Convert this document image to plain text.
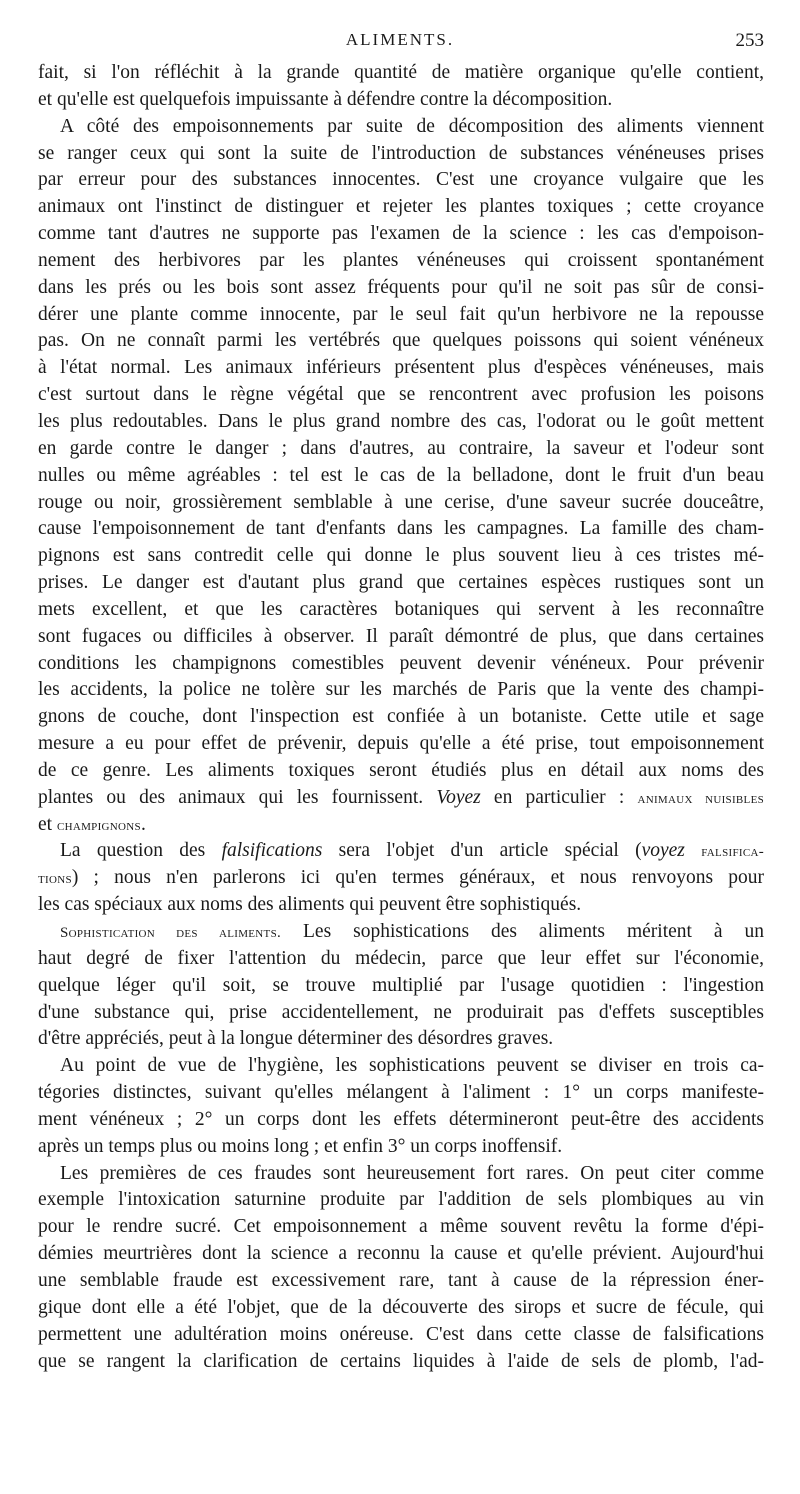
ALIMENTS.	253
fait, si l'on réfléchit à la grande quantité de matière organique qu'elle contient,
et qu'elle est quelquefois impuissante à défendre contre la décomposition.
A côté des empoisonnements par suite de décomposition des aliments viennent
se ranger ceux qui sont la suite de l'introduction de substances vénéneuses prises
par erreur pour des substances innocentes. C'est une croyance vulgaire que les
animaux ont l'instinct de distinguer et rejeter les plantes toxiques ; cette croyance
comme tant d'autres ne supporte pas l'examen de la science : les cas d'empoison-
nement des herbivores par les plantes vénéneuses qui croissent spontanément
dans les prés ou les bois sont assez fréquents pour qu'il ne soit pas sûr de consi-
dérer une plante comme innocente, par le seul fait qu'un herbivore ne la repousse
pas. On ne connaît parmi les vertébrés que quelques poissons qui soient vénéneux
à l'état normal. Les animaux inférieurs présentent plus d'espèces vénéneuses, mais
c'est surtout dans le règne végétal que se rencontrent avec profusion les poisons
les plus redoutables. Dans le plus grand nombre des cas, l'odorat ou le goût mettent
en garde contre le danger ; dans d'autres, au contraire, la saveur et l'odeur sont
nulles ou même agréables : tel est le cas de la belladone, dont le fruit d'un beau
rouge ou noir, grossièrement semblable à une cerise, d'une saveur sucrée douceâtre,
cause l'empoisonnement de tant d'enfants dans les campagnes. La famille des cham-
pignons est sans contredit celle qui donne le plus souvent lieu à ces tristes mé-
prises. Le danger est d'autant plus grand que certaines espèces rustiques sont un
mets excellent, et que les caractères botaniques qui servent à les reconnaître
sont fugaces ou difficiles à observer. Il paraît démontré de plus, que dans certaines
conditions les champignons comestibles peuvent devenir vénéneux. Pour prévenir
les accidents, la police ne tolère sur les marchés de Paris que la vente des champi-
gnons de couche, dont l'inspection est confiée à un botaniste. Cette utile et sage
mesure a eu pour effet de prévenir, depuis qu'elle a été prise, tout empoisonnement
de ce genre. Les aliments toxiques seront étudiés plus en détail aux noms des
plantes ou des animaux qui les fournissent. Voyez en particulier : animaux nuisibles
et champignons.
La question des falsifications sera l'objet d'un article spécial (voyez falsifica-
tions) ; nous n'en parlerons ici qu'en termes généraux, et nous renvoyons pour
les cas spéciaux aux noms des aliments qui peuvent être sophistiqués.
Sophistication des aliments. Les sophistications des aliments méritent à un
haut degré de fixer l'attention du médecin, parce que leur effet sur l'économie,
quelque léger qu'il soit, se trouve multiplié par l'usage quotidien : l'ingestion
d'une substance qui, prise accidentellement, ne produirait pas d'effets susceptibles
d'être appréciés, peut à la longue déterminer des désordres graves.
Au point de vue de l'hygiène, les sophistications peuvent se diviser en trois ca-
tégories distinctes, suivant qu'elles mélangent à l'aliment : 1° un corps manifeste-
ment vénéneux ; 2° un corps dont les effets détermineront peut-être des accidents
après un temps plus ou moins long ; et enfin 3° un corps inoffensif.
Les premières de ces fraudes sont heureusement fort rares. On peut citer comme
exemple l'intoxication saturnine produite par l'addition de sels plombiques au vin
pour le rendre sucré. Cet empoisonnement a même souvent revêtu la forme d'épi-
démies meurtrières dont la science a reconnu la cause et qu'elle prévient. Aujourd'hui
une semblable fraude est excessivement rare, tant à cause de la répression éner-
gique dont elle a été l'objet, que de la découverte des sirops et sucre de fécule, qui
permettent une adultération moins onéreuse. C'est dans cette classe de falsifications
que se rangent la clarification de certains liquides à l'aide de sels de plomb, l'ad-
